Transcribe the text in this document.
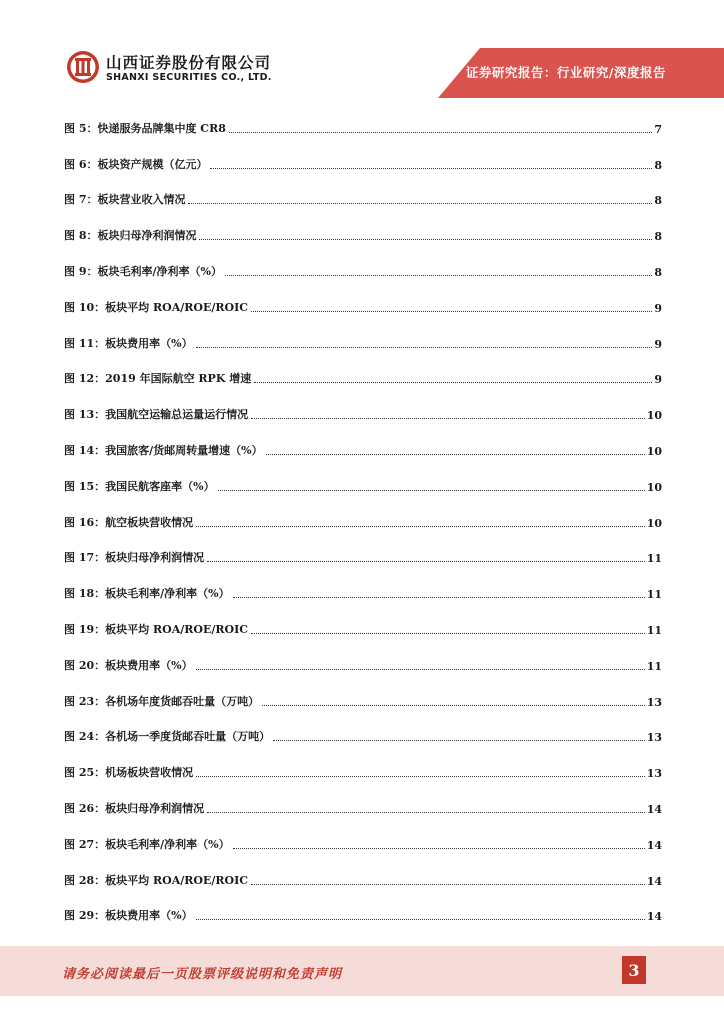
证券研究报告：行业研究/深度报告
山西证券股份有限公司
SHANXI SECURITIES CO., LTD.
图 5：快递服务品牌集中度 CR8	7
图 6：板块资产规模（亿元）	8
图 7：板块营业收入情况	8
图 8：板块归母净利润情况	8
图 9：板块毛利率/净利率（%）	8
图 10：板块平均 ROA/ROE/ROIC	9
图 11：板块费用率（%）	9
图 12：2019 年国际航空 RPK 增速	9
图 13：我国航空运输总运量运行情况	10
图 14：我国旅客/货邮周转量增速（%）	10
图 15：我国民航客座率（%）	10
图 16：航空板块营收情况	10
图 17：板块归母净利润情况	11
图 18：板块毛利率/净利率（%）	11
图 19：板块平均 ROA/ROE/ROIC	11
图 20：板块费用率（%）	11
图 23：各机场年度货邮吞吐量（万吨）	13
图 24：各机场一季度货邮吞吐量（万吨）	13
图 25：机场板块营收情况	13
图 26：板块归母净利润情况	14
图 27：板块毛利率/净利率（%）	14
图 28：板块平均 ROA/ROE/ROIC	14
图 29：板块费用率（%）	14
请务必阅读最后一页股票评级说明和免责声明	3
